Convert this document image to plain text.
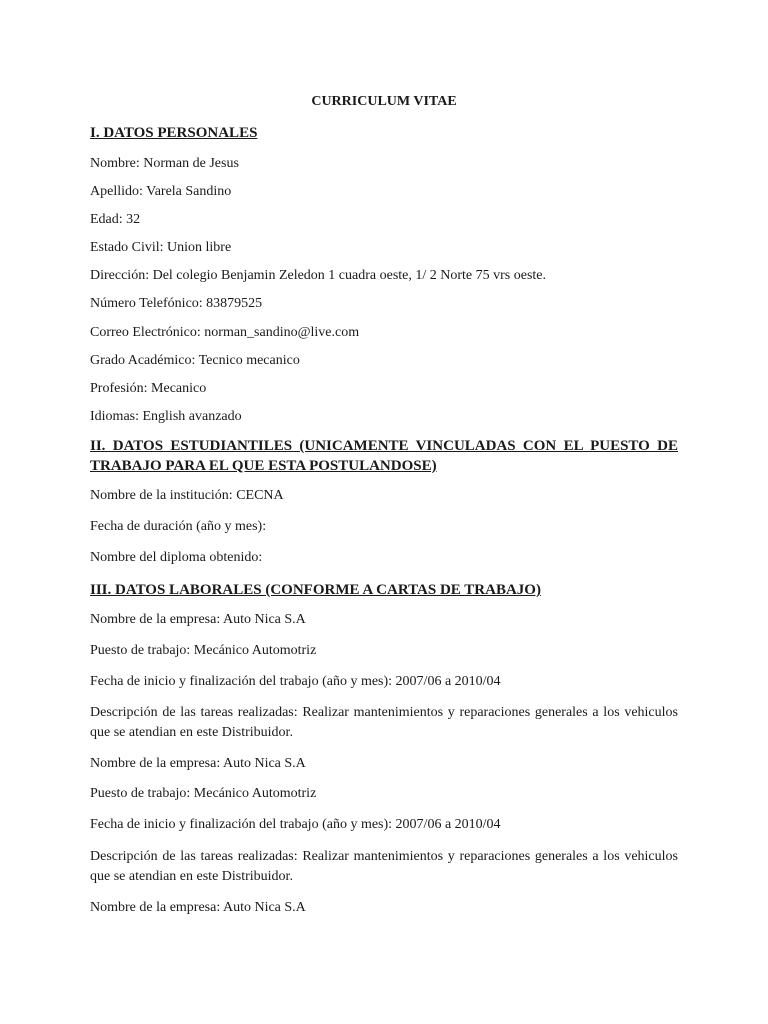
CURRICULUM VITAE
I. DATOS PERSONALES
Nombre: Norman de Jesus
Apellido: Varela Sandino
Edad: 32
Estado Civil: Union libre
Dirección: Del colegio Benjamin Zeledon 1 cuadra oeste, 1/ 2 Norte 75 vrs oeste.
Número Telefónico: 83879525
Correo Electrónico: norman_sandino@live.com
Grado Académico: Tecnico mecanico
Profesión: Mecanico
Idiomas: English avanzado
II. DATOS ESTUDIANTILES (UNICAMENTE VINCULADAS CON EL PUESTO DE TRABAJO PARA EL QUE ESTA POSTULANDOSE)
Nombre de la institución: CECNA
Fecha de duración (año y mes):
Nombre del diploma obtenido:
III. DATOS LABORALES (CONFORME A CARTAS DE TRABAJO)
Nombre de la empresa: Auto Nica S.A
Puesto de trabajo: Mecánico Automotriz
Fecha de inicio y finalización del trabajo (año y mes): 2007/06 a 2010/04
Descripción de las tareas realizadas: Realizar mantenimientos y reparaciones generales a los vehiculos que se atendian en este Distribuidor.
Nombre de la empresa: Auto Nica S.A
Puesto de trabajo: Mecánico Automotriz
Fecha de inicio y finalización del trabajo (año y mes): 2007/06 a 2010/04
Descripción de las tareas realizadas: Realizar mantenimientos y reparaciones generales a los vehiculos que se atendian en este Distribuidor.
Nombre de la empresa: Auto Nica S.A
